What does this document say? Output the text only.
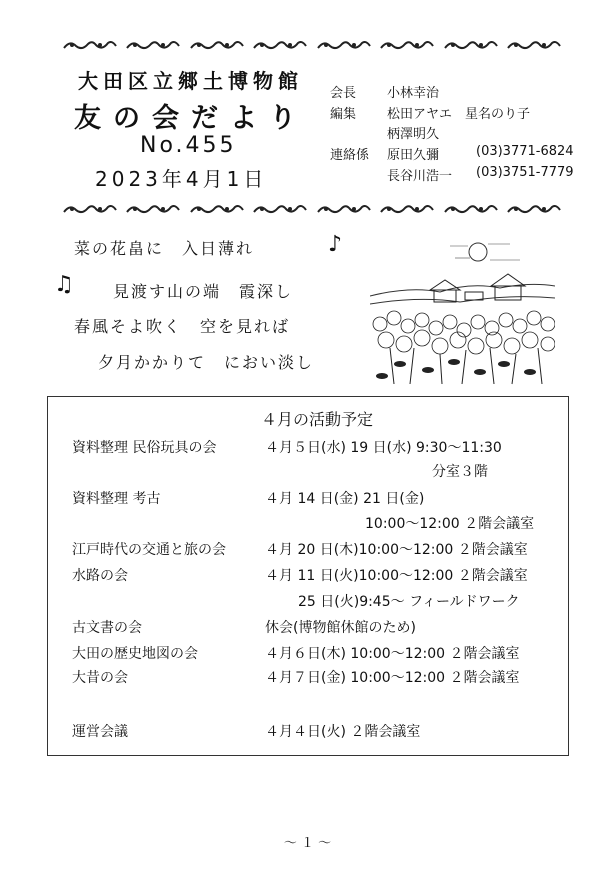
大田区立郷土博物館
友の会だより
No.455
2023年4月1日
会長 小林幸治
編集 松田アヤエ　星名のり子
柄澤明久
連絡係 原田久彌	(03)3771-6824
長谷川浩一 (03)3751-7779
菜の花畠に　入日薄れ	♪
♫ 見渡す山の端　霞深し
春風そよ吹く　空を見れば
夕月かかりて　におい淡し
４月の活動予定
資料整理 民俗玩具の会	４月５日(水) 19 日(水) 9:30～11:30
分室３階
資料整理 考古	４月 14 日(金) 21 日(金)
10:00～12:00 ２階会議室
江戸時代の交通と旅の会	４月 20 日(木)10:00～12:00 ２階会議室
水路の会	４月 11 日(火)10:00～12:00 ２階会議室
25 日(火)9:45～ フィールドワーク
古文書の会	休会(博物館休館のため)
大田の歴史地図の会	４月６日(木) 10:00～12:00 ２階会議室
大昔の会	４月７日(金) 10:00～12:00 ２階会議室
運営会議	４月４日(火) ２階会議室
～ １ ～
